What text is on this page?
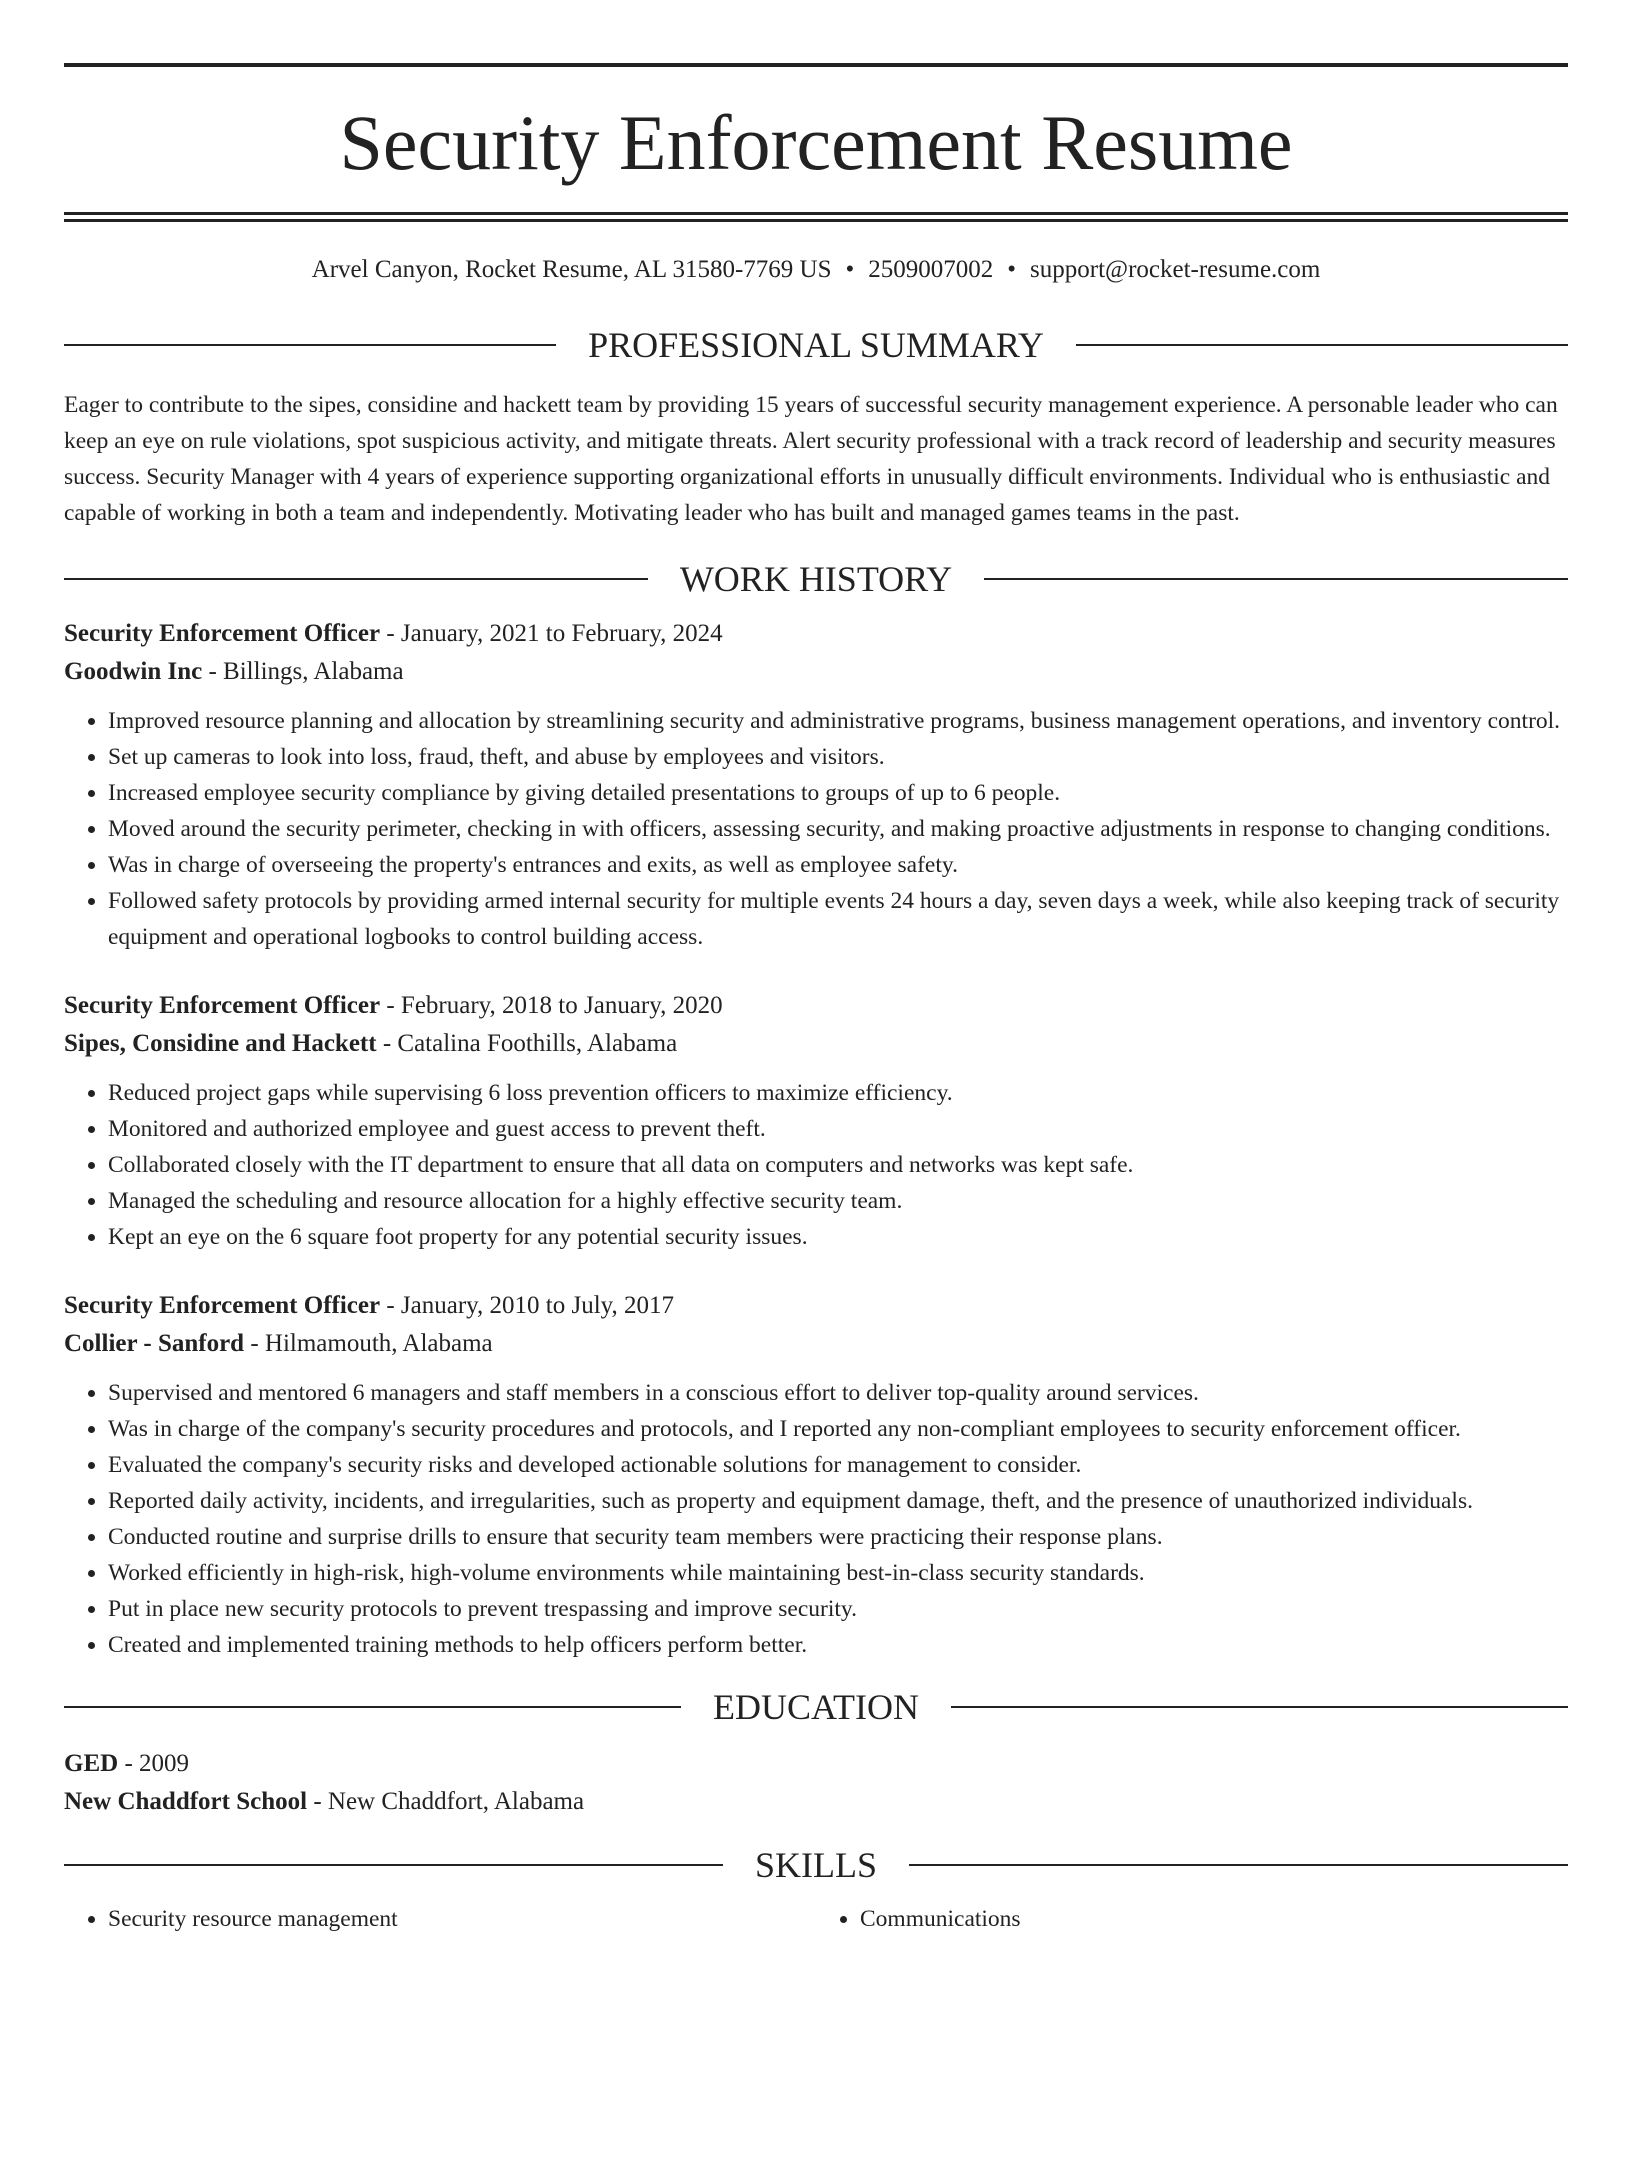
Security Enforcement Resume
Arvel Canyon, Rocket Resume, AL 31580-7769 US • 2509007002 • support@rocket-resume.com
PROFESSIONAL SUMMARY

Eager to contribute to the sipes, considine and hackett team by providing 15 years of successful security management experience. A personable leader who can keep an eye on rule violations, spot suspicious activity, and mitigate threats. Alert security professional with a track record of leadership and security measures success. Security Manager with 4 years of experience supporting organizational efforts in unusually difficult environments. Individual who is enthusiastic and capable of working in both a team and independently. Motivating leader who has built and managed games teams in the past.

WORK HISTORY
Security Enforcement Officer - January, 2021 to February, 2024
Goodwin Inc - Billings, Alabama
• Improved resource planning and allocation by streamlining security and administrative programs, business management operations, and inventory control.
• Set up cameras to look into loss, fraud, theft, and abuse by employees and visitors.
• Increased employee security compliance by giving detailed presentations to groups of up to 6 people.
• Moved around the security perimeter, checking in with officers, assessing security, and making proactive adjustments in response to changing conditions.
• Was in charge of overseeing the property's entrances and exits, as well as employee safety.
• Followed safety protocols by providing armed internal security for multiple events 24 hours a day, seven days a week, while also keeping track of security equipment and operational logbooks to control building access.
Security Enforcement Officer - February, 2018 to January, 2020
Sipes, Considine and Hackett - Catalina Foothills, Alabama
• Reduced project gaps while supervising 6 loss prevention officers to maximize efficiency.
• Monitored and authorized employee and guest access to prevent theft.
• Collaborated closely with the IT department to ensure that all data on computers and networks was kept safe.
• Managed the scheduling and resource allocation for a highly effective security team.
• Kept an eye on the 6 square foot property for any potential security issues.
Security Enforcement Officer - January, 2010 to July, 2017
Collier - Sanford - Hilmamouth, Alabama
• Supervised and mentored 6 managers and staff members in a conscious effort to deliver top-quality around services.
• Was in charge of the company's security procedures and protocols, and I reported any non-compliant employees to security enforcement officer.
• Evaluated the company's security risks and developed actionable solutions for management to consider.
• Reported daily activity, incidents, and irregularities, such as property and equipment damage, theft, and the presence of unauthorized individuals.
• Conducted routine and surprise drills to ensure that security team members were practicing their response plans.
• Worked efficiently in high-risk, high-volume environments while maintaining best-in-class security standards.
• Put in place new security protocols to prevent trespassing and improve security.
• Created and implemented training methods to help officers perform better.
EDUCATION
GED - 2009
New Chaddfort School - New Chaddfort, Alabama
SKILLS
• Security resource management
•	Communications
